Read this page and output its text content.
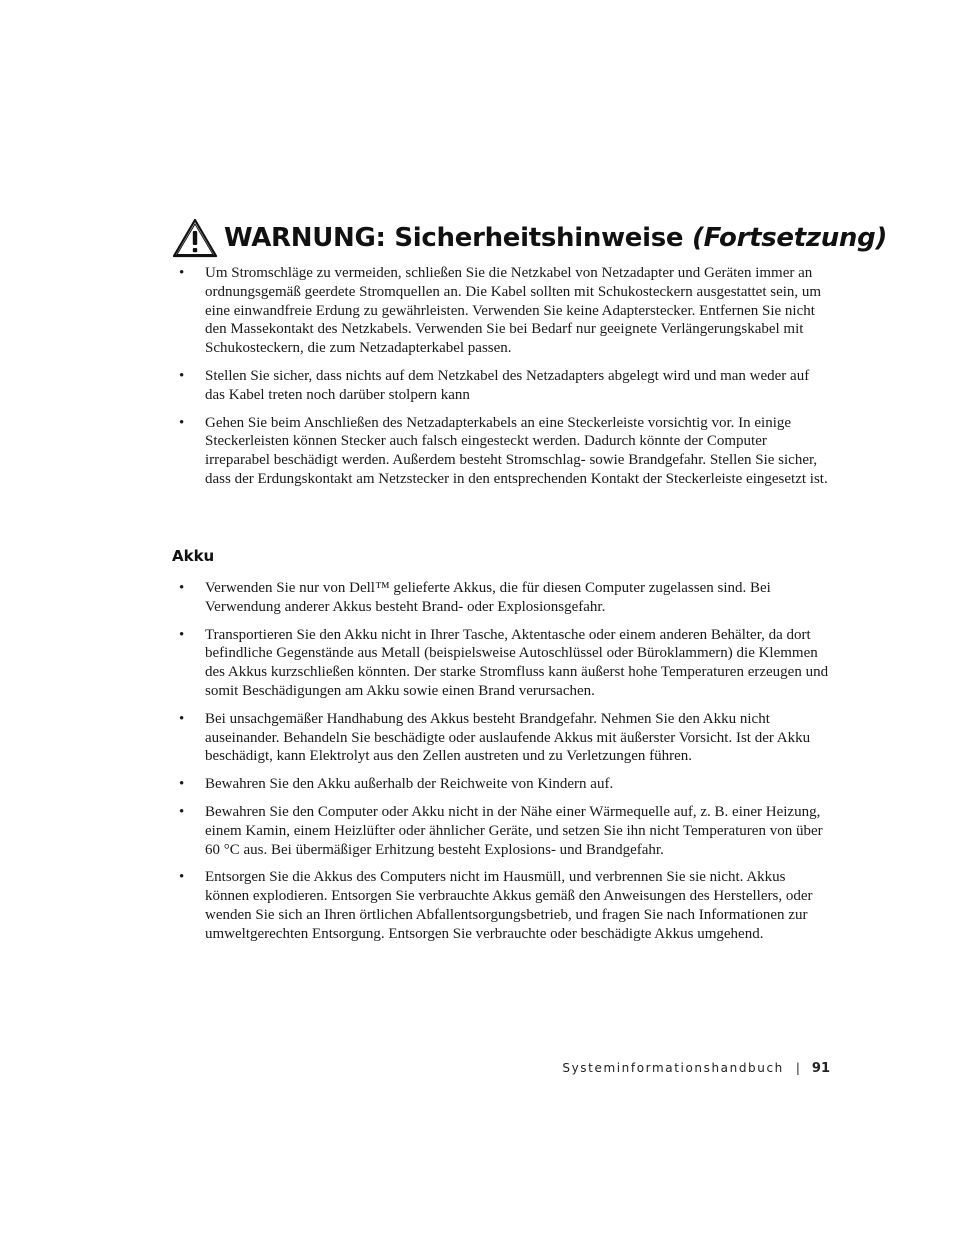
WARNUNG: Sicherheitshinweise (Fortsetzung)
• Um Stromschläge zu vermeiden, schließen Sie die Netzkabel von Netzadapter und Geräten immer an ordnungsgemäß geerdete Stromquellen an. Die Kabel sollten mit Schukosteckern ausgestattet sein, um eine einwandfreie Erdung zu gewährleisten. Verwenden Sie keine Adapterstecker. Entfernen Sie nicht den Massekontakt des Netzkabels. Verwenden Sie bei Bedarf nur geeignete Verlängerungskabel mit Schukosteckern, die zum Netzadapterkabel passen.
• Stellen Sie sicher, dass nichts auf dem Netzkabel des Netzadapters abgelegt wird und man weder auf das Kabel treten noch darüber stolpern kann
• Gehen Sie beim Anschließen des Netzadapterkabels an eine Steckerleiste vorsichtig vor. In einige Steckerleisten können Stecker auch falsch eingesteckt werden. Dadurch könnte der Computer irreparabel beschädigt werden. Außerdem besteht Stromschlag- sowie Brandgefahr. Stellen Sie sicher, dass der Erdungskontakt am Netzstecker in den entsprechenden Kontakt der Steckerleiste eingesetzt ist.
Akku
• Verwenden Sie nur von Dell™ gelieferte Akkus, die für diesen Computer zugelassen sind. Bei Verwendung anderer Akkus besteht Brand- oder Explosionsgefahr.
• Transportieren Sie den Akku nicht in Ihrer Tasche, Aktentasche oder einem anderen Behälter, da dort befindliche Gegenstände aus Metall (beispielsweise Autoschlüssel oder Büroklammern) die Klemmen des Akkus kurzschließen könnten. Der starke Stromfluss kann äußerst hohe Temperaturen erzeugen und somit Beschädigungen am Akku sowie einen Brand verursachen.
• Bei unsachgemäßer Handhabung des Akkus besteht Brandgefahr. Nehmen Sie den Akku nicht auseinander. Behandeln Sie beschädigte oder auslaufende Akkus mit äußerster Vorsicht. Ist der Akku beschädigt, kann Elektrolyt aus den Zellen austreten und zu Verletzungen führen.
• Bewahren Sie den Akku außerhalb der Reichweite von Kindern auf.
• Bewahren Sie den Computer oder Akku nicht in der Nähe einer Wärmequelle auf, z. B. einer Heizung, einem Kamin, einem Heizlüfter oder ähnlicher Geräte, und setzen Sie ihn nicht Temperaturen von über 60 °C aus. Bei übermäßiger Erhitzung besteht Explosions- und Brandgefahr.
• Entsorgen Sie die Akkus des Computers nicht im Hausmüll, und verbrennen Sie sie nicht. Akkus können explodieren. Entsorgen Sie verbrauchte Akkus gemäß den Anweisungen des Herstellers, oder wenden Sie sich an Ihren örtlichen Abfallentsorgungsbetrieb, und fragen Sie nach Informationen zur umweltgerechten Entsorgung. Entsorgen Sie verbrauchte oder beschädigte Akkus umgehend.
Systeminformationshandbuch | 91
